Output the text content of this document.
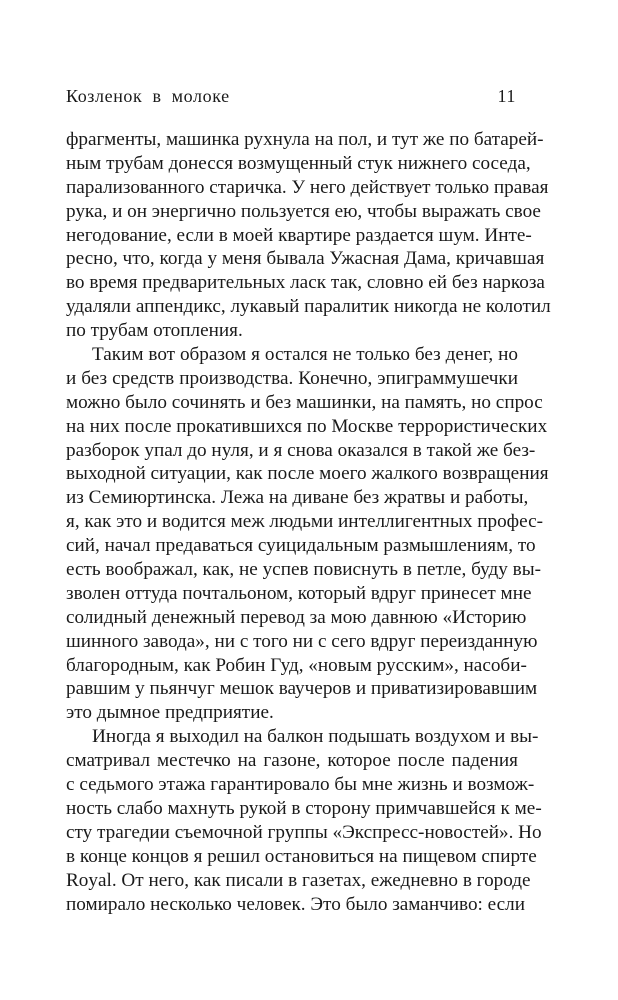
Козленок в молоке	11
фрагменты, машинка рухнула на пол, и тут же по батарей-
ным трубам донесся возмущенный стук нижнего соседа,
парализованного старичка. У него действует только правая
рука, и он энергично пользуется ею, чтобы выражать свое
негодование, если в моей квартире раздается шум. Инте-
ресно, что, когда у меня бывала Ужасная Дама, кричавшая
во время предварительных ласк так, словно ей без наркоза
удаляли аппендикс, лукавый паралитик никогда не колотил
по трубам отопления.
Таким вот образом я остался не только без денег, но
и без средств производства. Конечно, эпиграммушечки
можно было сочинять и без машинки, на память, но спрос
на них после прокатившихся по Москве террористических
разборок упал до нуля, и я снова оказался в такой же без-
выходной ситуации, как после моего жалкого возвращения
из Семиюртинска. Лежа на диване без жратвы и работы,
я, как это и водится меж людьми интеллигентных профес-
сий, начал предаваться суицидальным размышлениям, то
есть воображал, как, не успев повиснуть в петле, буду вы-
зволен оттуда почтальоном, который вдруг принесет мне
солидный денежный перевод за мою давнюю «Историю
шинного завода», ни с того ни с сего вдруг переизданную
благородным, как Робин Гуд, «новым русским», насоби-
равшим у пьянчуг мешок ваучеров и приватизировавшим
это дымное предприятие.
Иногда я выходил на балкон подышать воздухом и вы-
сматривал местечко на газоне, которое после падения
с седьмого этажа гарантировало бы мне жизнь и возмож-
ность слабо махнуть рукой в сторону примчавшейся к ме-
сту трагедии съемочной группы «Экспресс-новостей». Но
в конце концов я решил остановиться на пищевом спирте
Royal. От него, как писали в газетах, ежедневно в городе
помирало несколько человек. Это было заманчиво: если
